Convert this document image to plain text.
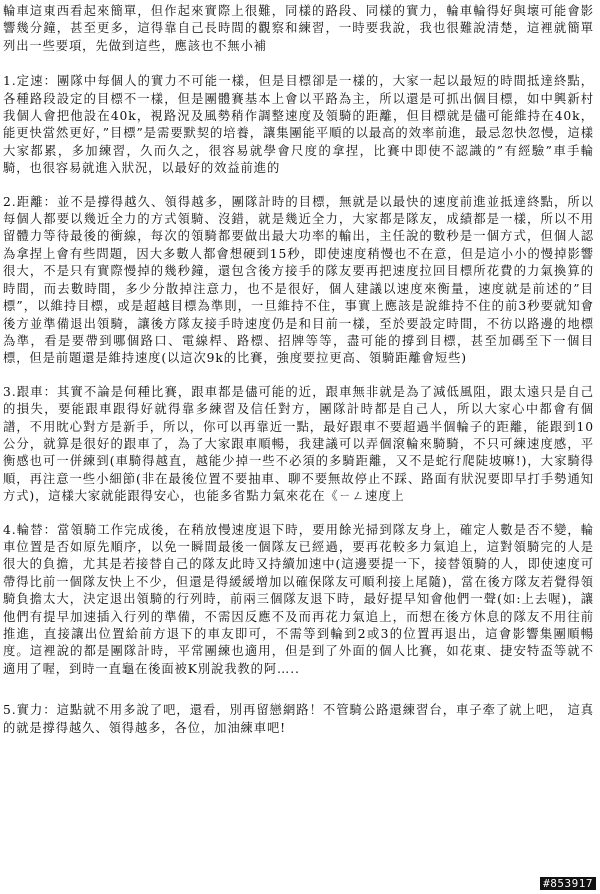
輪車這東西看起來簡單，但作起來實際上很難，同樣的路段、同樣的實力，輪車輪得好與壞可能會影響幾分鐘，甚至更多，這得靠自己長時間的觀察和練習，一時要我說，我也很難說清楚，這裡就簡單列出一些要項，先做到這些，應該也不無小補

1.定速：團隊中每個人的實力不可能一樣，但是目標卻是一樣的，大家一起以最短的時間抵達終點，各種路段設定的目標不一樣，但是團體賽基本上會以平路為主，所以還是可抓出個目標，如中興新村我個人會把他設在40k，視路況及風勢稍作調整速度及領騎的距離，但目標就是儘可能維持在40k，能更快當然更好，”目標”是需要默契的培養，讓集團能平順的以最高的效率前進，最忌忽快忽慢，這樣大家都累，多加練習，久而久之，很容易就學會尺度的拿捏，比賽中即使不認識的”有經驗”車手輪騎，也很容易就進入狀況，以最好的效益前進的

2.距離：並不是撐得越久、領得越多，團隊計時的目標，無就是以最快的速度前進並抵達終點，所以每個人都要以幾近全力的方式領騎、沒錯，就是幾近全力，大家都是隊友，成績都是一樣，所以不用留體力等待最後的衝線，每次的領騎都要做出最大功率的輸出，主任說的數秒是一個方式，但個人認為拿捏上會有些問題，因大多數人都會想硬到15秒，即使速度稍慢也不在意，但是這小小的慢掉影響很大，不是只有實際慢掉的幾秒鐘，還包含後方接手的隊友要再把速度拉回目標所花費的力氣換算的時間，而去數時間，多少分散掉注意力，也不是很好，個人建議以速度來衡量，速度就是前述的”目標”，以維持目標，或是超越目標為準則，一旦維持不住，事實上應該是說維持不住的前3秒要就知會後方並準備退出領騎，讓後方隊友接手時速度仍是和目前一樣，至於要設定時間，不彷以路邊的地標為準，看是要帶到哪個路口、電線桿、路標、招牌等等，盡可能的撐到目標，甚至加碼至下一個目標，但是前題還是維持速度(以這次9k的比賽，強度要拉更高、領騎距離會短些)

3.跟車：其實不論是何種比賽，跟車都是儘可能的近，跟車無非就是為了減低風阻，跟太遠只是自己的損失，要能跟車跟得好就得靠多練習及信任對方，團隊計時都是自己人，所以大家心中都會有個譜，不用眈心對方是新手，所以，你可以再靠近一點，最好跟車不要超過半個輪子的距離，能跟到10公分，就算是很好的跟車了，為了大家跟車順暢，我建議可以弄個滾輪來騎騎，不只可練速度感，平衡感也可一併練到(車騎得越直，越能少掉一些不必須的多騎距離，又不是蛇行爬陡坡嘛!)，大家騎得順，再注意一些小細節(非在最後位置不要抽車、聊不要無故停止不踩、路面有狀況要即早打手勢通知方式)，這樣大家就能跟得安心，也能多省點力氣來花在《ㄧㄥ速度上

4.輪替：當領騎工作完成後，在稍放慢速度退下時，要用餘光掃到隊友身上，確定人數是否不變，輪車位置是否如原先順序，以免一瞬間最後一個隊友已經過，要再花較多力氣追上，這對領騎完的人是很大的負擔，尤其是若接替自己的隊友此時又持續加速中(這邊要提一下，接替領騎的人，即使速度可帶得比前一個隊友快上不少，但還是得緩緩增加以確保隊友可順利接上尾隨)，當在後方隊友若覺得領騎負擔太大，決定退出領騎的行列時，前兩三個隊友退下時，最好提早知會他們一聲(如:上去喔)，讓他們有提早加速插入行列的準備，不需因反應不及而再花力氣追上，而想在後方休息的隊友不用往前推進，直接讓出位置給前方退下的車友即可，不需等到輪到2或3的位置再退出，這會影響集團順暢度。這裡說的都是團隊計時，平常團練也適用，但是到了外面的個人比賽，如花東、捷安特盃等就不適用了喔，到時一直龜在後面被K別說我教的阿…..

5.實力：這點就不用多說了吧，還看，別再留戀網路！不管騎公路還練習台，車子牽了就上吧， 這真的就是撐得越久、領得越多，各位，加油練車吧!

#853917
